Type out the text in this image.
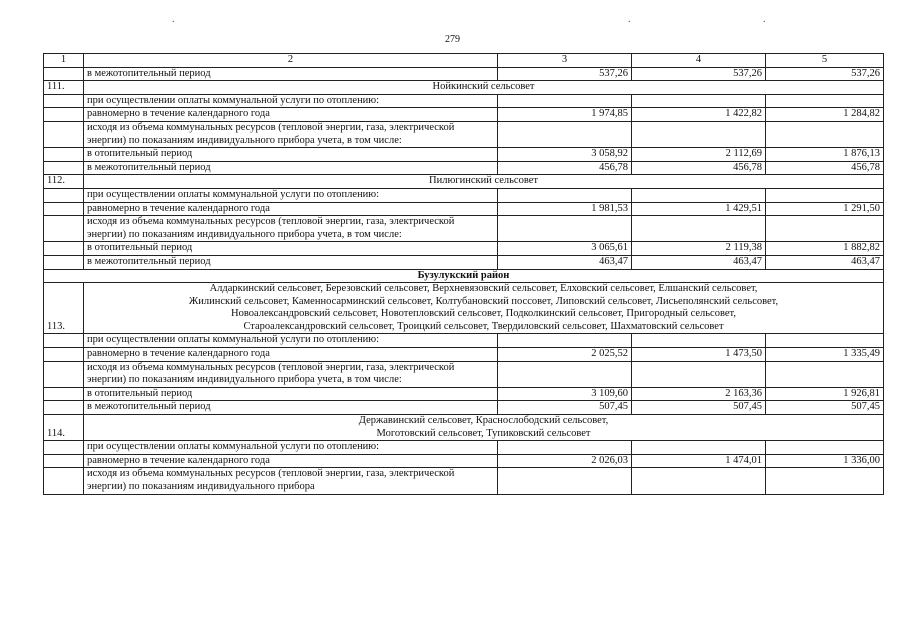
.	.	.
279
1	2	3	4	5
	в межотопительный период	537,26	537,26	537,26
111.	Нойкинский сельсовет			
	при осуществлении оплаты коммунальной услуги по отоплению:			
	равномерно в течение календарного года	1 974,85	1 422,82	1 284,82
	исходя из объема коммунальных ресурсов (тепловой энергии, газа, электрической энергии) по показаниям индивидуального прибора учета, в том числе:			
	в отопительный период	3 058,92	2 112,69	1 876,13
	в межотопительный период	456,78	456,78	456,78
112.	Пилюгинский сельсовет			
	при осуществлении оплаты коммунальной услуги по отоплению:			
	равномерно в течение календарного года	1 981,53	1 429,51	1 291,50
	исходя из объема коммунальных ресурсов (тепловой энергии, газа, электрической энергии) по показаниям индивидуального прибора учета, в том числе:			
	в отопительный период	3 065,61	2 119,38	1 882,82
	в межотопительный период	463,47	463,47	463,47
Бузулукский район				
113.	Алдаркинский сельсовет, Березовский сельсовет, Верхневязовский сельсовет, Елховский сельсовет, Елшанский сельсовет,
Жилинский сельсовет, Каменносарминский сельсовет, Колтубановский поссовет, Липовский сельсовет, Лисьеполянский сельсовет,
Новоалександровский сельсовет, Новотепловский сельсовет, Подколкинский сельсовет, Пригородный сельсовет,
Староалександровский сельсовет, Троицкий сельсовет, Твердиловский сельсовет, Шахматовский сельсовет			

	при осуществлении оплаты коммунальной услуги по отоплению:			
	равномерно в течение календарного года	2 025,52	1 473,50	1 335,49
	исходя из объема коммунальных ресурсов (тепловой энергии, газа, электрической энергии) по показаниям индивидуального прибора учета, в том числе:			
	в отопительный период	3 109,60	2 163,36	1 926,81
	в межотопительный период	507,45	507,45	507,45
114.	Державинский сельсовет, Краснослободский сельсовет,
Моготовский сельсовет, Тупиковский сельсовет			

	при осуществлении оплаты коммунальной услуги по отоплению:			
	равномерно в течение календарного года	2 026,03	1 474,01	1 336,00
	исходя из объема коммунальных ресурсов (тепловой энергии, газа, электрической энергии) по показаниям индивидуального прибора			
